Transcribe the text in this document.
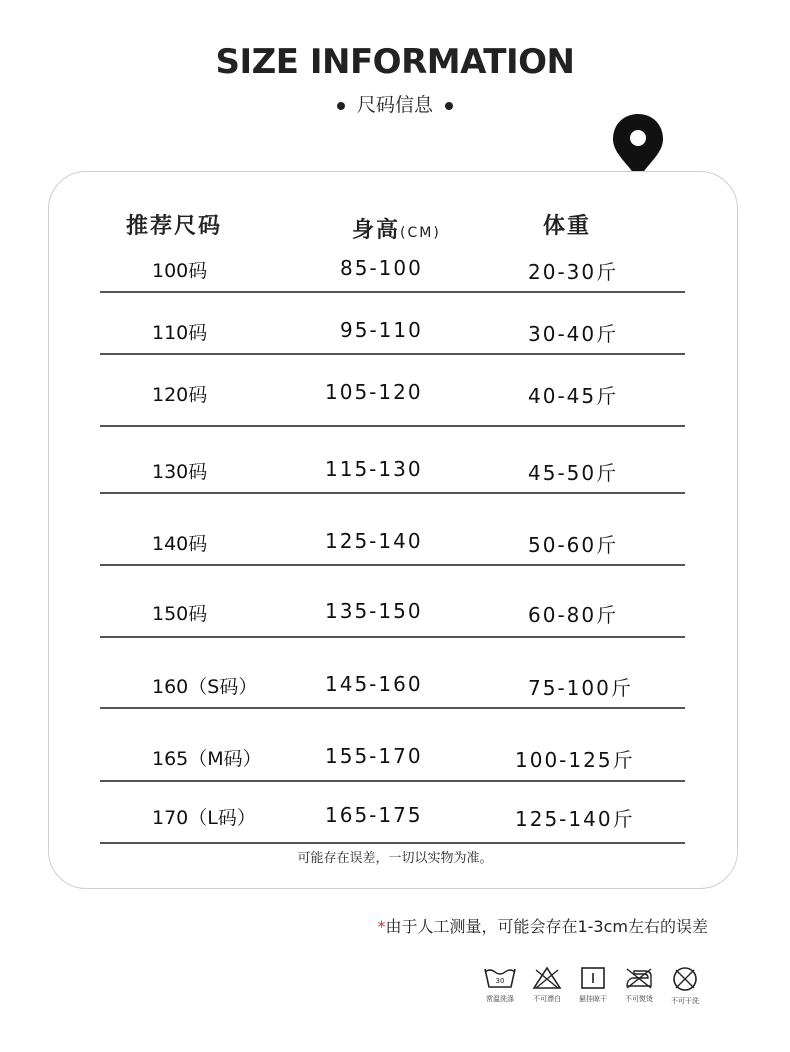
SIZE INFORMATION
尺码信息
推荐尺码	身高(CM)	体重
100码	85-100	20-30斤
110码	95-110	30-40斤
120码	105-120	40-45斤
130码	115-130	45-50斤
140码	125-140	50-60斤
150码	135-150	60-80斤
160（S码）	145-160	75-100斤
165（M码）	155-170	100-125斤
170（L码）	165-175	125-140斤
可能存在误差，一切以实物为准。
*由于人工测量，可能会存在1-3cm左右的误差
30
常温洗涤	不可漂白	悬挂晾干	不可熨烫	不可干洗
